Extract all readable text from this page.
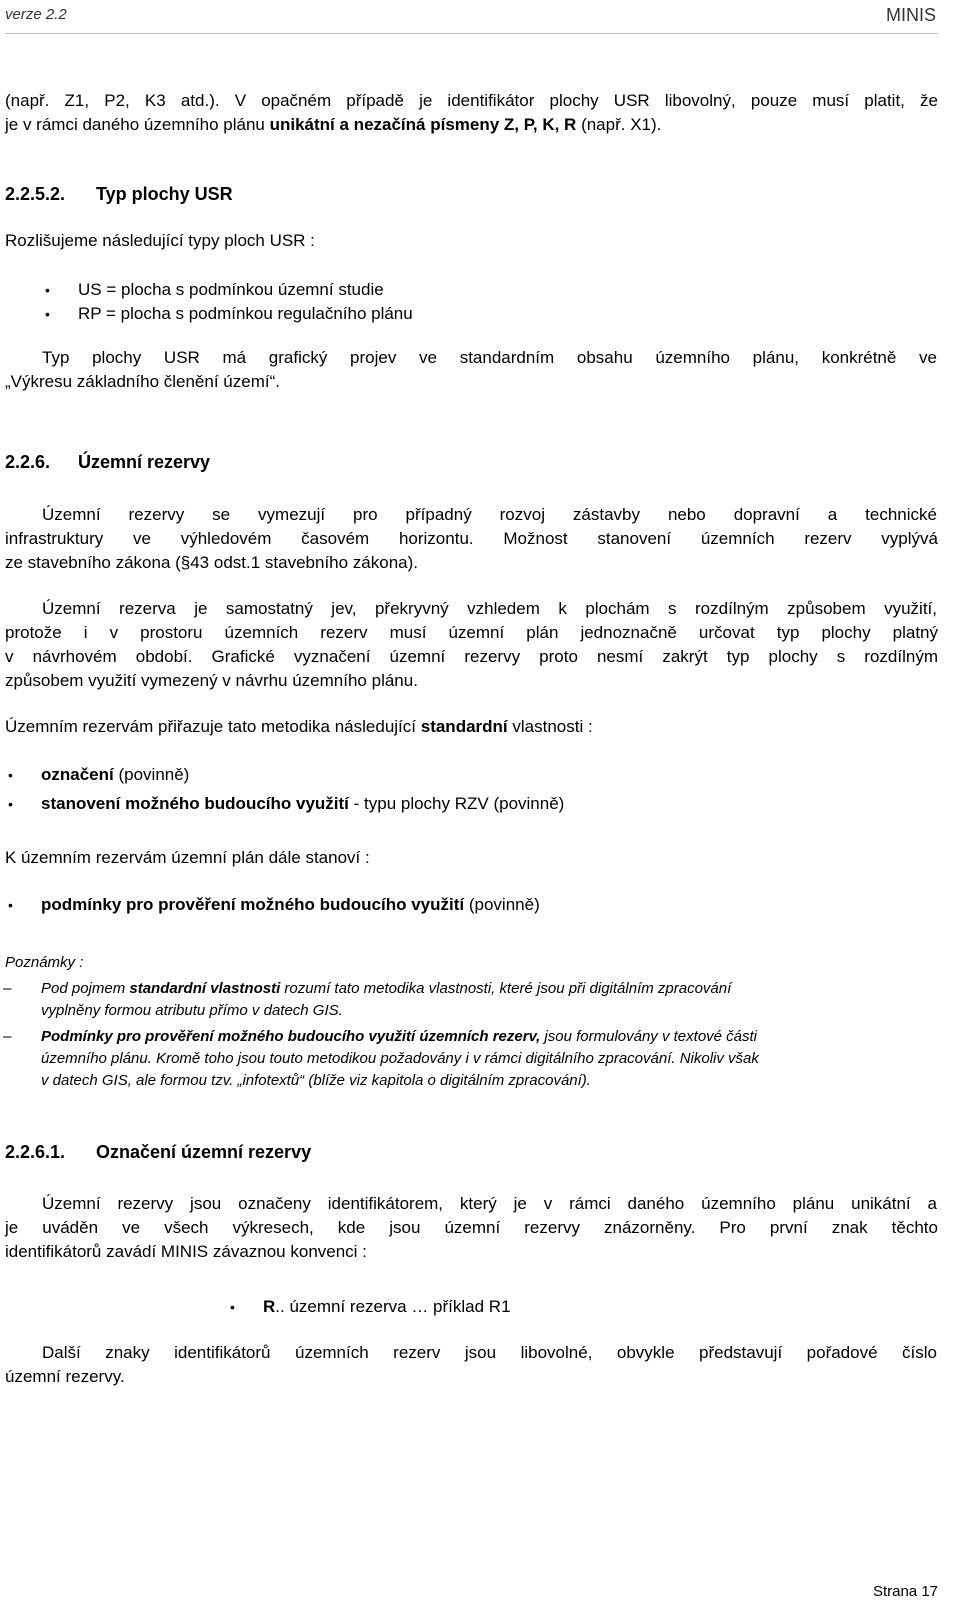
verze 2.2	MINIS
(např. Z1, P2, K3 atd.). V opačném případě je identifikátor plochy USR libovolný, pouze musí platit, že
je v rámci daného územního plánu unikátní a nezačíná písmeny Z, P, K, R (např. X1).
2.2.5.2. Typ plochy USR
Rozlišujeme následující typy ploch USR :
• US = plocha s podmínkou územní studie
• RP = plocha s podmínkou regulačního plánu
Typ plochy USR má grafický projev ve standardním obsahu územního plánu, konkrétně ve
„Výkresu základního členění území“.
2.2.6. Územní rezervy
Územní rezervy se vymezují pro případný rozvoj zástavby nebo dopravní a technické
infrastruktury ve výhledovém časovém horizontu. Možnost stanovení územních rezerv vyplývá
ze stavebního zákona (§43 odst.1 stavebního zákona).
Územní rezerva je samostatný jev, překryvný vzhledem k plochám s rozdílným způsobem využití,
protože i v prostoru územních rezerv musí územní plán jednoznačně určovat typ plochy platný
v návrhovém období. Grafické vyznačení územní rezervy proto nesmí zakrýt typ plochy s rozdílným
způsobem využití vymezený v návrhu územního plánu.
Územním rezervám přiřazuje tato metodika následující standardní vlastnosti :
• označení (povinně)
• stanovení možného budoucího využití - typu plochy RZV (povinně)
K územním rezervám územní plán dále stanoví :
• podmínky pro prověření možného budoucího využití (povinně)
Poznámky :
– Pod pojmem standardní vlastnosti rozumí tato metodika vlastnosti, které jsou při digitálním zpracování
vyplněny formou atributu přímo v datech GIS.
– Podmínky pro prověření možného budoucího využití územních rezerv, jsou formulovány v textové části
územního plánu. Kromě toho jsou touto metodikou požadovány i v rámci digitálního zpracování. Nikoliv však
v datech GIS, ale formou tzv. „infotextů“ (blíže viz kapitola o digitálním zpracování).
2.2.6.1. Označení územní rezervy
Územní rezervy jsou označeny identifikátorem, který je v rámci daného územního plánu unikátní a
je uváděn ve všech výkresech, kde jsou územní rezervy znázorněny. Pro první znak těchto
identifikátorů zavádí MINIS závaznou konvenci :
• R.. územní rezerva … příklad R1
Další znaky identifikátorů územních rezerv jsou libovolné, obvykle představují pořadové číslo
územní rezervy.
Strana 17
